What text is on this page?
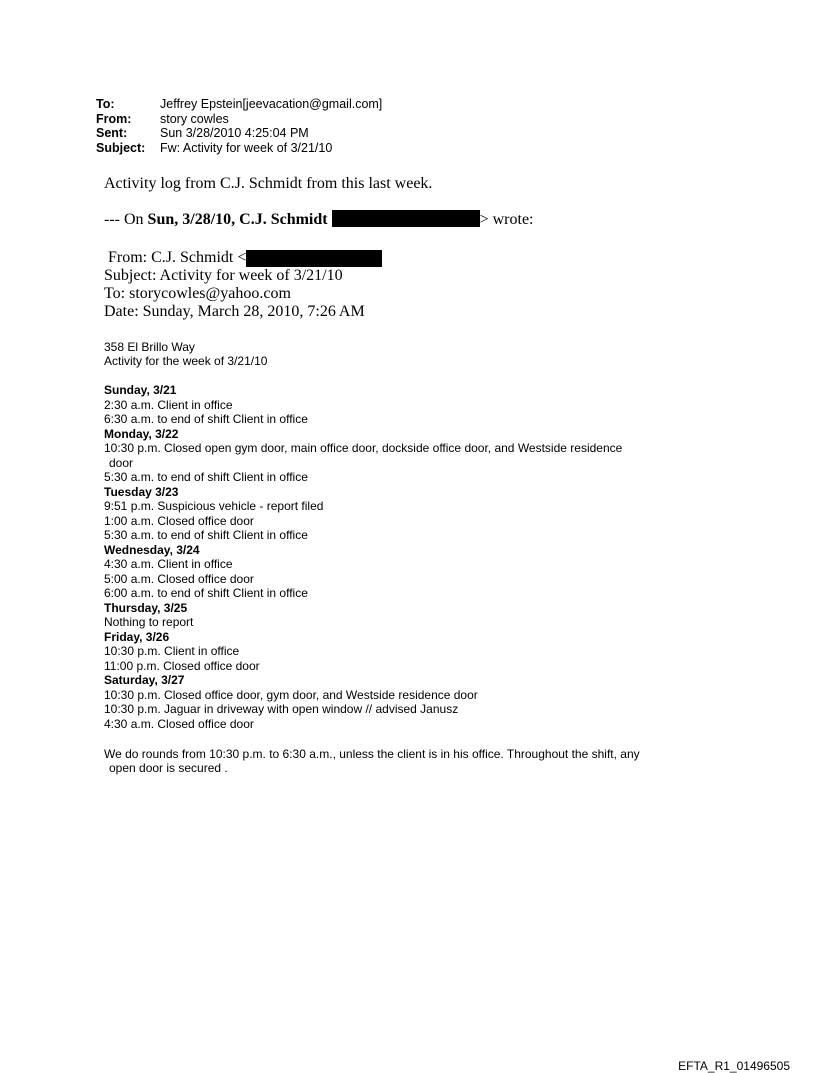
To:	Jeffrey Epstein[jeevacation@gmail.com]
From:	story cowles
Sent:	Sun 3/28/2010 4:25:04 PM
Subject:	Fw: Activity for week of 3/21/10
Activity log from C.J. Schmidt from this last week.
--- On Sun, 3/28/10, C.J. Schmidt	> wrote:
From: C.J. Schmidt <
Subject: Activity for week of 3/21/10
To: storycowles@yahoo.com
Date: Sunday, March 28, 2010, 7:26 AM
358 El Brillo Way
Activity for the week of 3/21/10
Sunday, 3/21
2:30 a.m. Client in office
6:30 a.m. to end of shift Client in office
Monday, 3/22
10:30 p.m. Closed open gym door, main office door, dockside office door, and Westside residence
door
5:30 a.m. to end of shift Client in office
Tuesday 3/23
9:51 p.m. Suspicious vehicle - report filed
1:00 a.m. Closed office door
5:30 a.m. to end of shift Client in office
Wednesday, 3/24
4:30 a.m. Client in office
5:00 a.m. Closed office door
6:00 a.m. to end of shift Client in office
Thursday, 3/25
Nothing to report
Friday, 3/26
10:30 p.m. Client in office
11:00 p.m. Closed office door
Saturday, 3/27
10:30 p.m. Closed office door, gym door, and Westside residence door
10:30 p.m. Jaguar in driveway with open window // advised Janusz
4:30 a.m. Closed office door
We do rounds from 10:30 p.m. to 6:30 a.m., unless the client is in his office. Throughout the shift, any
open door is secured .
EFTA_R1_01496505
